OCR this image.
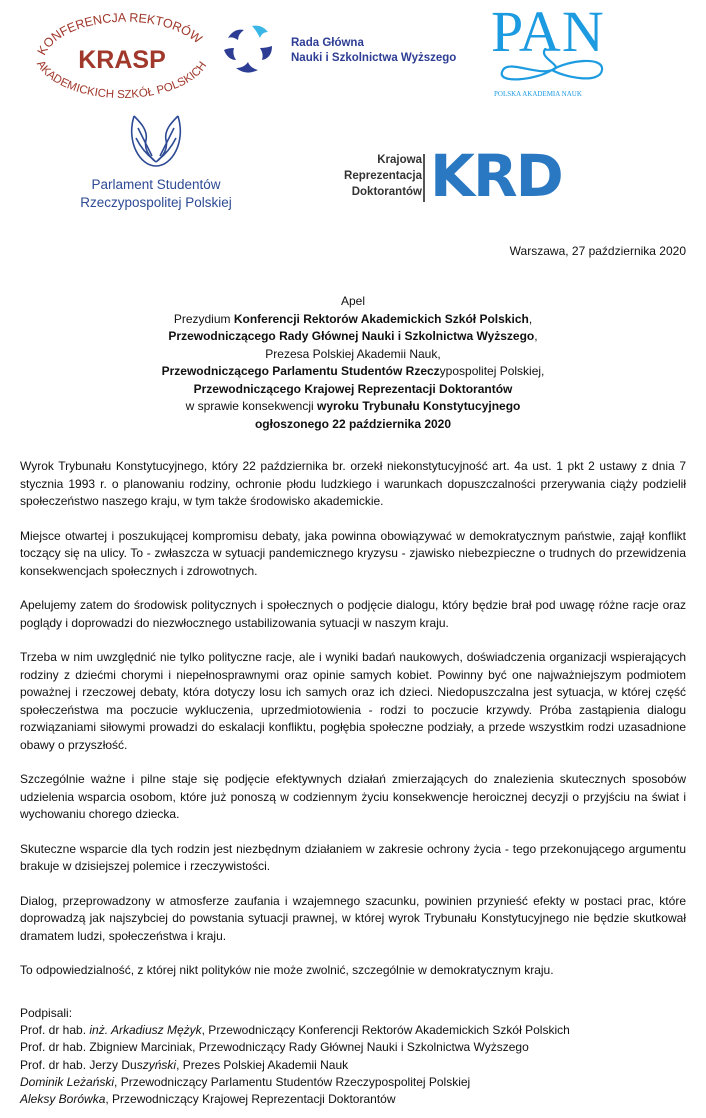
KONFERENCJA REKTORÓW
AKADEMICKICH SZKÓŁ POLSKICH
KRASP
Rada Główna
Nauki i Szkolnictwa Wyższego PAN
POLSKA AKADEMIA NAUK
Parlament Studentów
Rzeczypospolitej Polskiej
Krajowa
Reprezentacja
Doktorantów KRD
Warszawa, 27 października 2020
Apel
Prezydium Konferencji Rektorów Akademickich Szkół Polskich,
Przewodniczącego Rady Głównej Nauki i Szkolnictwa Wyższego,
Prezesa Polskiej Akademii Nauk,
Przewodniczącego Parlamentu Studentów Rzeczypospolitej Polskiej,
Przewodniczącego Krajowej Reprezentacji Doktorantów
w sprawie konsekwencji wyroku Trybunału Konstytucyjnego
ogłoszonego 22 października 2020

Wyrok Trybunału Konstytucyjnego, który 22 października br. orzekł niekonstytucyjność art. 4a ust. 1 pkt 2 ustawy z dnia 7 stycznia 1993 r. o planowaniu rodziny, ochronie płodu ludzkiego i warunkach dopuszczalności przerywania ciąży podzielił społeczeństwo naszego kraju, w tym także środowisko akademickie.

Miejsce otwartej i poszukującej kompromisu debaty, jaka powinna obowiązywać w demokratycznym państwie, zajął konflikt toczący się na ulicy. To - zwłaszcza w sytuacji pandemicznego kryzysu - zjawisko niebezpieczne o trudnych do przewidzenia konsekwencjach społecznych i zdrowotnych.

Apelujemy zatem do środowisk politycznych i społecznych o podjęcie dialogu, który będzie brał pod uwagę różne racje oraz poglądy i doprowadzi do niezwłocznego ustabilizowania sytuacji w naszym kraju.

Trzeba w nim uwzględnić nie tylko polityczne racje, ale i wyniki badań naukowych, doświadczenia organizacji wspierających rodziny z dziećmi chorymi i niepełnosprawnymi oraz opinie samych kobiet. Powinny być one najważniejszym podmiotem poważnej i rzeczowej debaty, która dotyczy losu ich samych oraz ich dzieci. Niedopuszczalna jest sytuacja, w której część społeczeństwa ma poczucie wykluczenia, uprzedmiotowienia - rodzi to poczucie krzywdy. Próba zastąpienia dialogu rozwiązaniami siłowymi prowadzi do eskalacji konfliktu, pogłębia społeczne podziały, a przede wszystkim rodzi uzasadnione obawy o przyszłość.

Szczególnie ważne i pilne staje się podjęcie efektywnych działań zmierzających do znalezienia skutecznych sposobów udzielenia wsparcia osobom, które już ponoszą w codziennym życiu konsekwencje heroicznej decyzji o przyjściu na świat i wychowaniu chorego dziecka.

Skuteczne wsparcie dla tych rodzin jest niezbędnym działaniem w zakresie ochrony życia - tego przekonującego argumentu brakuje w dzisiejszej polemice i rzeczywistości.

Dialog, przeprowadzony w atmosferze zaufania i wzajemnego szacunku, powinien przynieść efekty w postaci prac, które doprowadzą jak najszybciej do powstania sytuacji prawnej, w której wyrok Trybunału Konstytucyjnego nie będzie skutkował dramatem ludzi, społeczeństwa i kraju.

To odpowiedzialność, z której nikt polityków nie może zwolnić, szczególnie w demokratycznym kraju.

Podpisali:
Prof. dr hab. inż. Arkadiusz Mężyk, Przewodniczący Konferencji Rektorów Akademickich Szkół Polskich
Prof. dr hab. Zbigniew Marciniak, Przewodniczący Rady Głównej Nauki i Szkolnictwa Wyższego
Prof. dr hab. Jerzy Duszyński, Prezes Polskiej Akademii Nauk
Dominik Leżański, Przewodniczący Parlamentu Studentów Rzeczypospolitej Polskiej
Aleksy Borówka, Przewodniczący Krajowej Reprezentacji Doktorantów
